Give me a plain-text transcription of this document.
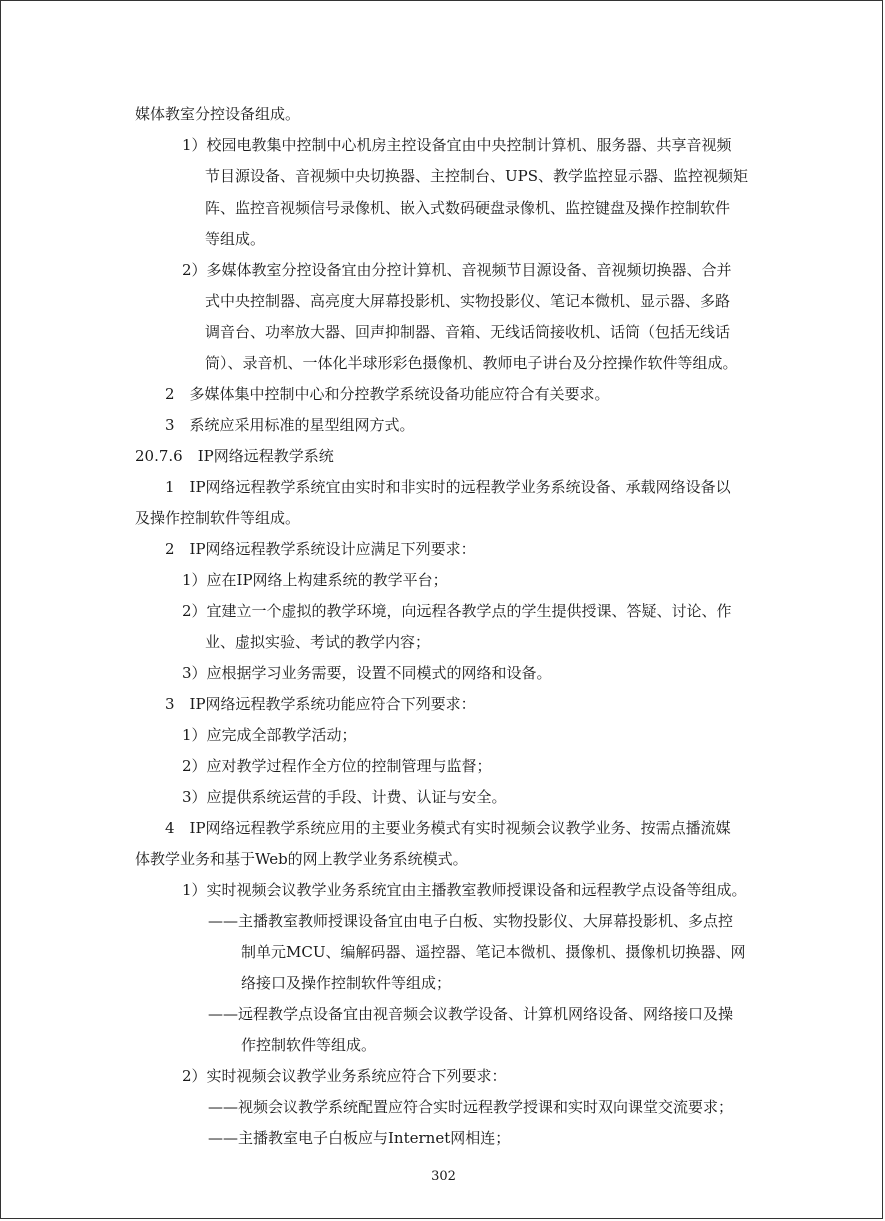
媒体教室分控设备组成。
1）校园电教集中控制中心机房主控设备宜由中央控制计算机、服务器、共享音视频
节目源设备、音视频中央切换器、主控制台、UPS、教学监控显示器、监控视频矩
阵、监控音视频信号录像机、嵌入式数码硬盘录像机、监控键盘及操作控制软件
等组成。
2）多媒体教室分控设备宜由分控计算机、音视频节目源设备、音视频切换器、合并
式中央控制器、高亮度大屏幕投影机、实物投影仪、笔记本微机、显示器、多路
调音台、功率放大器、回声抑制器、音箱、无线话筒接收机、话筒（包括无线话
筒）、录音机、一体化半球形彩色摄像机、教师电子讲台及分控操作软件等组成。
2　多媒体集中控制中心和分控教学系统设备功能应符合有关要求。
3　系统应采用标准的星型组网方式。
20.7.6　IP网络远程教学系统
1　IP网络远程教学系统宜由实时和非实时的远程教学业务系统设备、承载网络设备以
及操作控制软件等组成。
2　IP网络远程教学系统设计应满足下列要求：
1）应在IP网络上构建系统的教学平台；
2）宜建立一个虚拟的教学环境，向远程各教学点的学生提供授课、答疑、讨论、作
业、虚拟实验、考试的教学内容；
3）应根据学习业务需要，设置不同模式的网络和设备。
3　IP网络远程教学系统功能应符合下列要求：
1）应完成全部教学活动；
2）应对教学过程作全方位的控制管理与监督；
3）应提供系统运营的手段、计费、认证与安全。
4　IP网络远程教学系统应用的主要业务模式有实时视频会议教学业务、按需点播流媒
体教学业务和基于Web的网上教学业务系统模式。
1）实时视频会议教学业务系统宜由主播教室教师授课设备和远程教学点设备等组成。
——主播教室教师授课设备宜由电子白板、实物投影仪、大屏幕投影机、多点控
制单元MCU、编解码器、遥控器、笔记本微机、摄像机、摄像机切换器、网
络接口及操作控制软件等组成；
——远程教学点设备宜由视音频会议教学设备、计算机网络设备、网络接口及操
作控制软件等组成。
2）实时视频会议教学业务系统应符合下列要求：
——视频会议教学系统配置应符合实时远程教学授课和实时双向课堂交流要求；
——主播教室电子白板应与Internet网相连；
302
